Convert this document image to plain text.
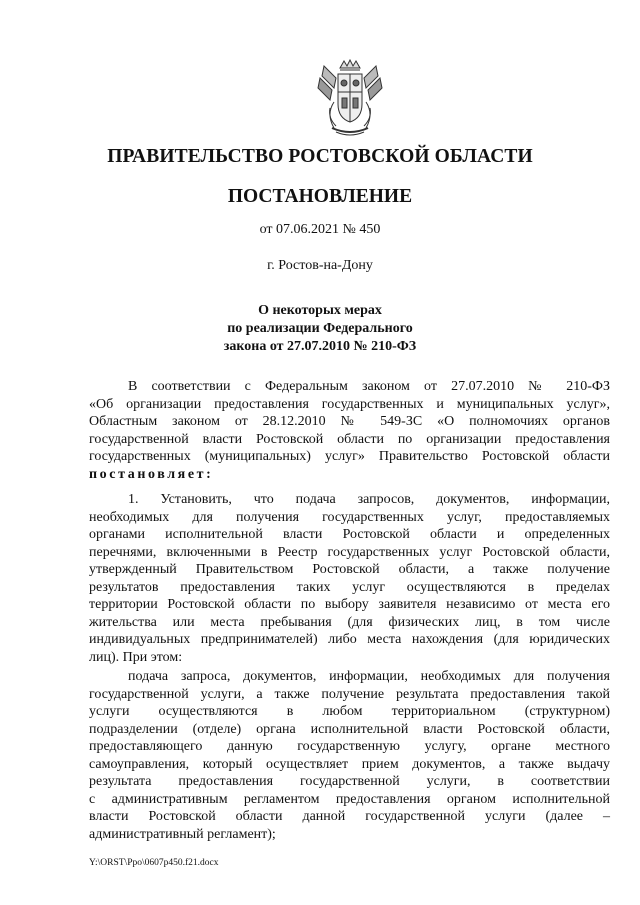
ПРАВИТЕЛЬСТВО РОСТОВСКОЙ ОБЛАСТИ
ПОСТАНОВЛЕНИЕ
от 07.06.2021 № 450
г. Ростов-на-Дону
О некоторых мерах
по реализации Федерального
закона от 27.07.2010 № 210-ФЗ
В соответствии с Федеральным законом от 27.07.2010 № 210-ФЗ
«Об организации предоставления государственных и муниципальных услуг»,
Областным законом от 28.12.2010 № 549-ЗС «О полномочиях органов
государственной власти Ростовской области по организации предоставления
государственных (муниципальных) услуг» Правительство Ростовской области
постановляет:
1. Установить, что подача запросов, документов, информации,
необходимых для получения государственных услуг, предоставляемых
органами исполнительной власти Ростовской области и определенных
перечнями, включенными в Реестр государственных услуг Ростовской области,
утвержденный Правительством Ростовской области, а также получение
результатов предоставления таких услуг осуществляются в пределах
территории Ростовской области по выбору заявителя независимо от места его
жительства или места пребывания (для физических лиц, в том числе
индивидуальных предпринимателей) либо места нахождения (для юридических
лиц). При этом:
подача запроса, документов, информации, необходимых для получения
государственной услуги, а также получение результата предоставления такой
услуги осуществляются в любом территориальном (структурном)
подразделении (отделе) органа исполнительной власти Ростовской области,
предоставляющего данную государственную услугу, органе местного
самоуправления, который осуществляет прием документов, а также выдачу
результата предоставления государственной услуги, в соответствии
с административным регламентом предоставления органом исполнительной
власти Ростовской области данной государственной услуги (далее –
административный регламент);
Y:\ORST\Ppo\0607p450.f21.docx
